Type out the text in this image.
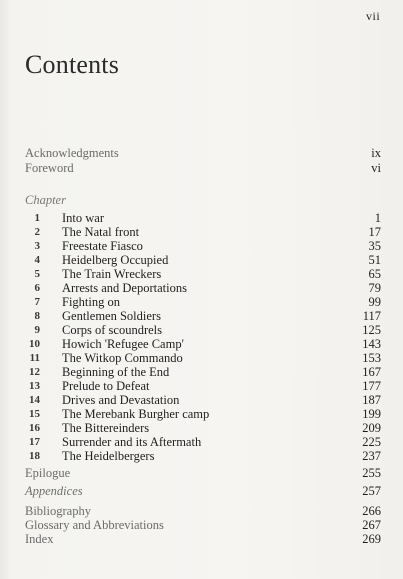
vii
Contents
Acknowledgments	ix
Foreword	vi
Chapter
1 Into war	1
2 The Natal front	17
3 Freestate Fiasco	35
4 Heidelberg Occupied	51
5 The Train Wreckers	65
6 Arrests and Deportations	79
7 Fighting on	99
8 Gentlemen Soldiers	117
9 Corps of scoundrels	125
10 Howich 'Refugee Camp'	143
11 The Witkop Commando	153
12 Beginning of the End	167
13 Prelude to Defeat	177
14 Drives and Devastation	187
15 The Merebank Burgher camp	199
16 The Bittereinders	209
17 Surrender and its Aftermath	225
18 The Heidelbergers	237
Epilogue	255
Appendices	257
Bibliography	266
Glossary and Abbreviations	267
Index	269
